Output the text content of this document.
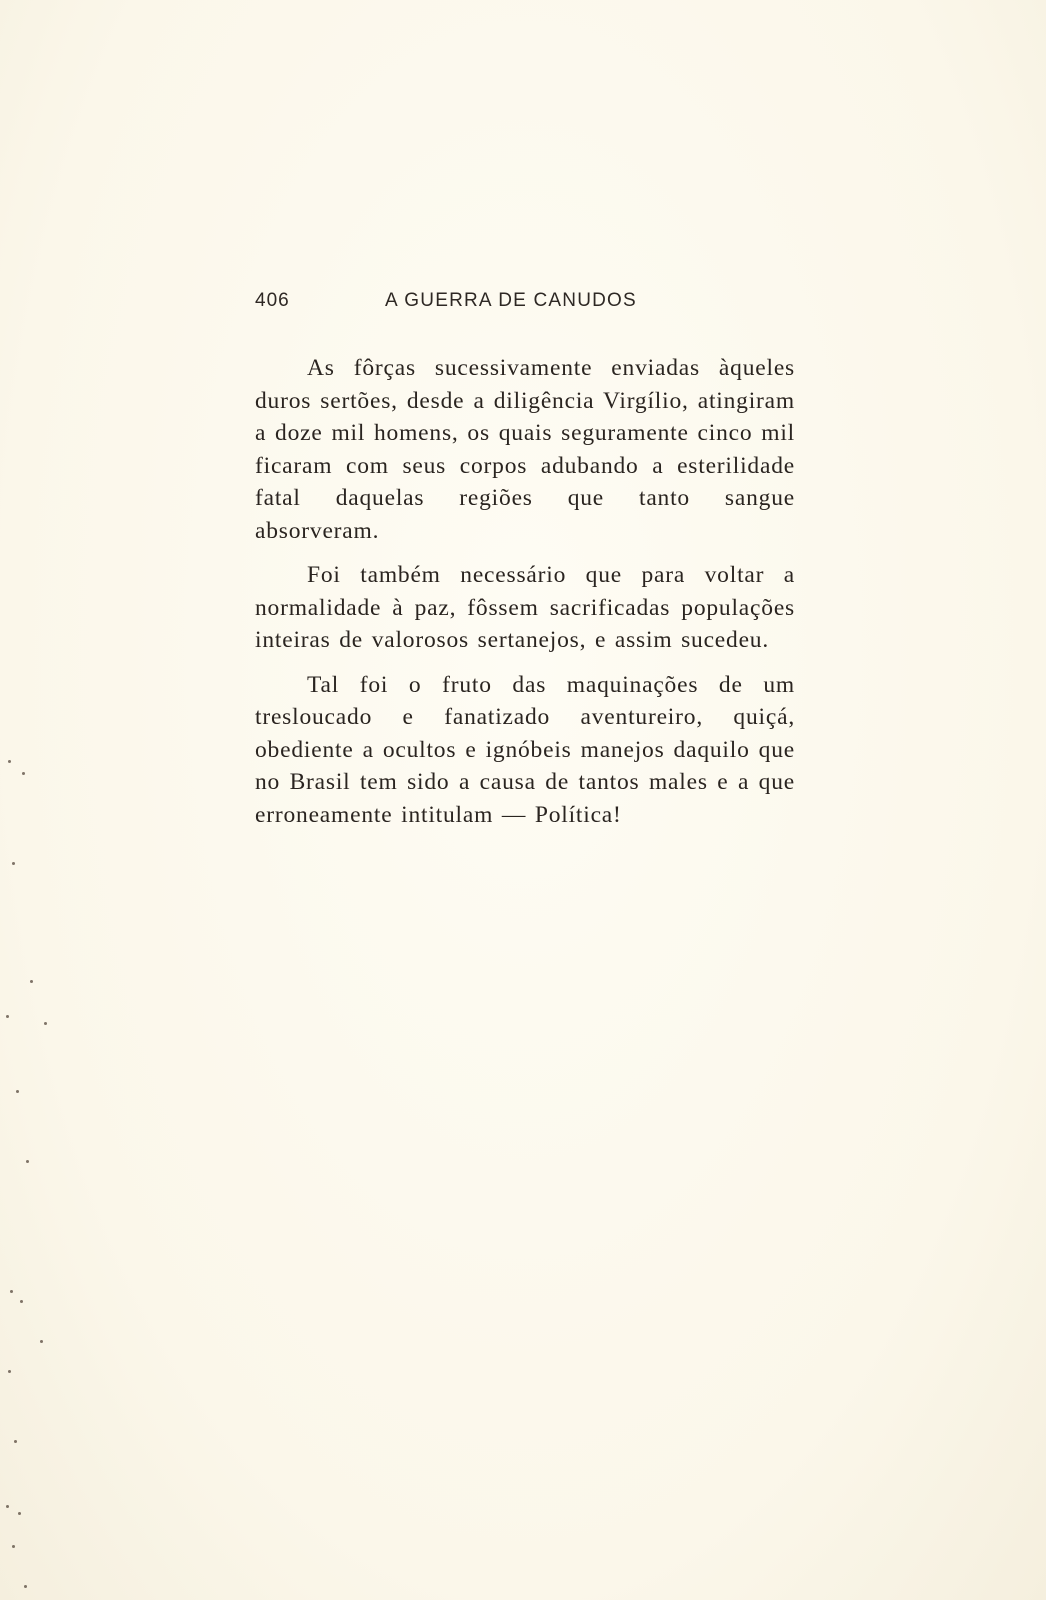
406	A GUERRA DE CANUDOS

As fôrças sucessivamente enviadas àqueles duros sertões, desde a diligência Virgílio, atingiram a doze mil homens, os quais seguramente cinco mil ficaram com seus corpos adubando a esterilidade fatal daquelas regiões que tanto sangue absorveram.

Foi também necessário que para voltar a normalidade à paz, fôssem sacrificadas populações inteiras de valorosos sertanejos, e assim sucedeu.

Tal foi o fruto das maquinações de um tresloucado e fanatizado aventureiro, quiçá, obediente a ocultos e ignóbeis manejos daquilo que no Brasil tem sido a causa de tantos males e a que erroneamente intitulam — Política!
